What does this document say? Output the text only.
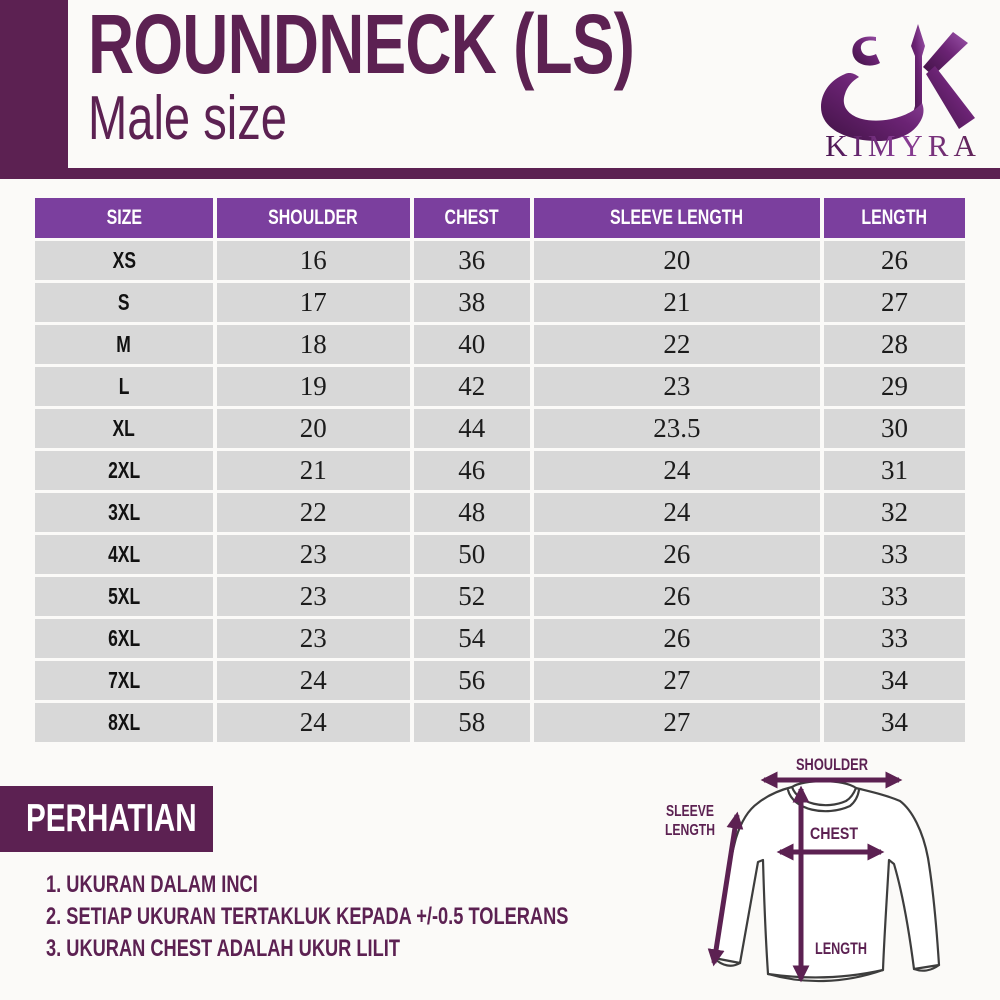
ROUNDNECK (LS)
Male size	KIMYRA
SIZE	SHOULDER	CHEST	SLEEVE LENGTH	LENGTH
XS	16	36	20	26
S	17	38	21	27
M	18	40	22	28
L	19	42	23	29
XL	20	44	23.5	30
2XL	21	46	24	31
3XL	22	48	24	32
4XL	23	50	26	33
5XL	23	52	26	33
6XL	23	54	26	33
7XL	24	56	27	34
8XL	24	58	27	34
PERHATIAN
1. UKURAN DALAM INCI
2. SETIAP UKURAN TERTAKLUK KEPADA +/-0.5 TOLERANS
3. UKURAN CHEST ADALAH UKUR LILIT
SHOULDER
SLEEVE
LENGTH	CHEST
LENGTH
